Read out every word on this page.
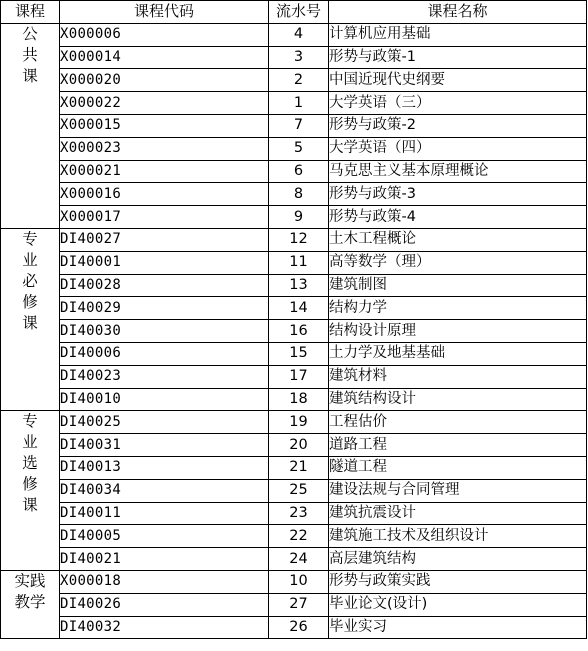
课程	课程代码	流水号	课程名称

公
共
课	X000006	4	计算机应用基础
	X000014	3	形势与政策-1
	X000020	2	中国近现代史纲要
	X000022	1	大学英语（三）
	X000015	7	形势与政策-2
	X000023	5	大学英语（四）
	X000021	6	马克思主义基本原理概论
	X000016	8	形势与政策-3
	X000017	9	形势与政策-4

专
业
必
修
课	DI40027	12	土木工程概论
	DI40001	11	高等数学（理）
	DI40028	13	建筑制图
	DI40029	14	结构力学
	DI40030	16	结构设计原理
	DI40006	15	土力学及地基基础
	DI40023	17	建筑材料
	DI40010	18	建筑结构设计

专
业
选
修
课	DI40025	19	工程估价
	DI40031	20	道路工程
	DI40013	21	隧道工程
	DI40034	25	建设法规与合同管理
	DI40011	23	建筑抗震设计
	DI40005	22	建筑施工技术及组织设计
	DI40021	24	高层建筑结构

实践
教学	X000018	10	形势与政策实践
	DI40026	27	毕业论文(设计)
	DI40032	26	毕业实习
